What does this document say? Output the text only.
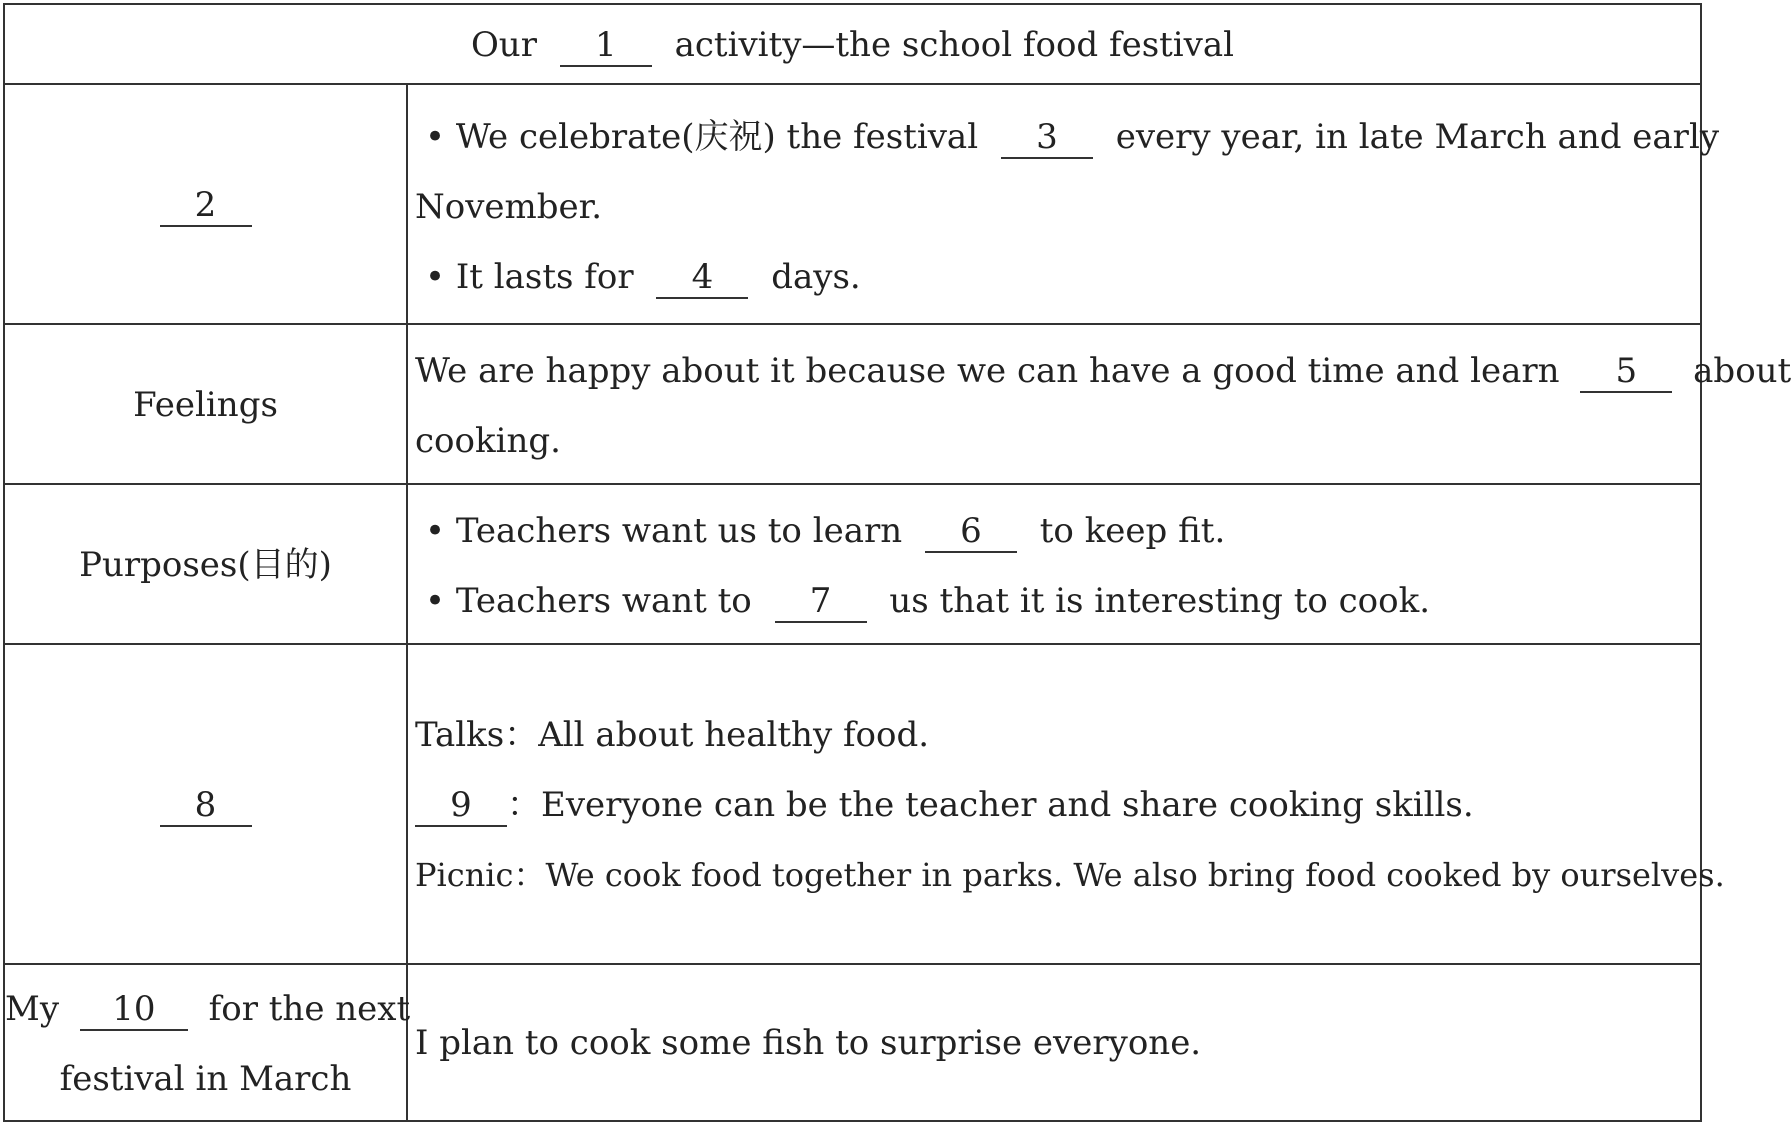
Our 1 activity—the school food festival
2
• We celebrate(庆祝) the festival 3 every year, in late March and early
November.
• It lasts for 4 days.
Feelings
We are happy about it because we can have a good time and learn 5 about
cooking.
Purposes(目的)
• Teachers want us to learn 6 to keep fit.
• Teachers want to 7 us that it is interesting to cook.
8
Talks：All about healthy food.
9 ：Everyone can be the teacher and share cooking skills.
Picnic：We cook food together in parks. We also bring food cooked by ourselves.
My 10 for the next
festival in March
I plan to cook some fish to surprise everyone.
